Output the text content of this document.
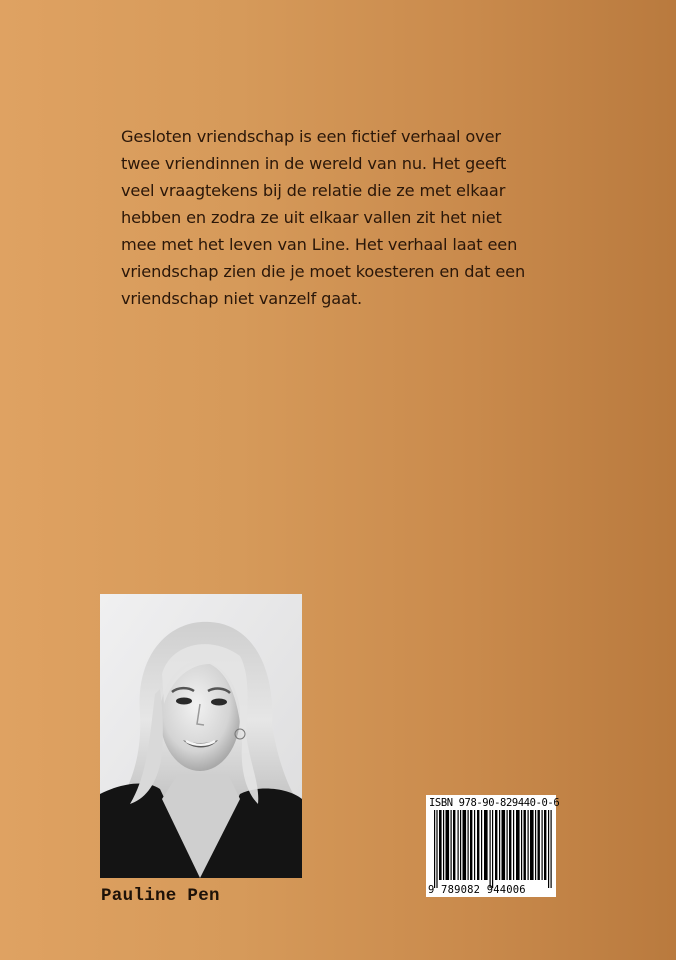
Gesloten vriendschap is een fictief verhaal over
twee vriendinnen in de wereld van nu. Het geeft
veel vraagtekens bij de relatie die ze met elkaar
hebben en zodra ze uit elkaar vallen zit het niet
mee met het leven van Line. Het verhaal laat een
vriendschap zien die je moet koesteren en dat een
vriendschap niet vanzelf gaat.

Pauline Pen

ISBN 978-90-829440-0-6
9 789082 944006
